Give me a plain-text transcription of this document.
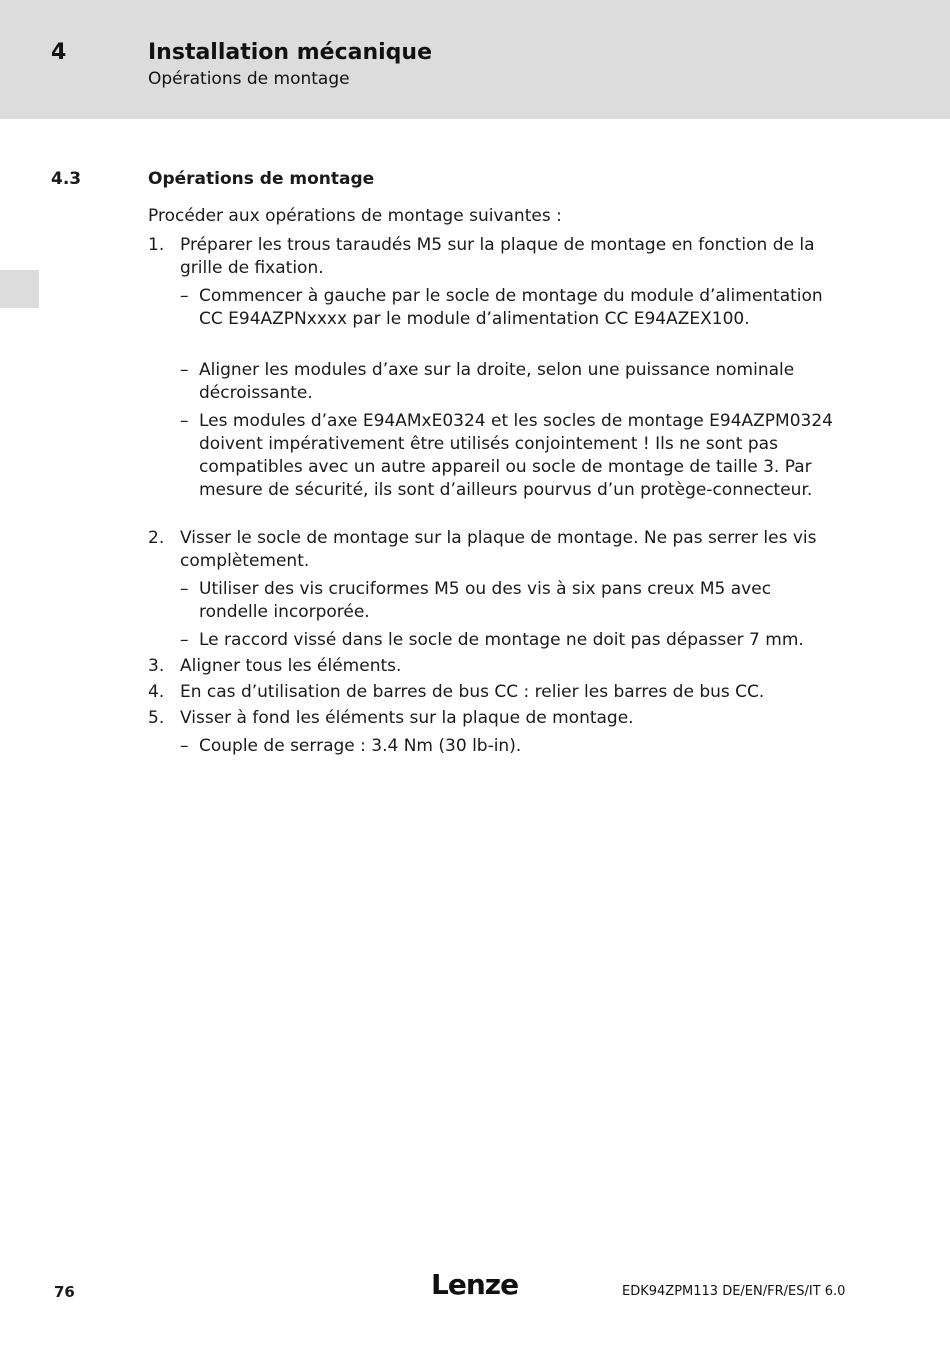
4	Installation mécanique
Opérations de montage
4.3	Opérations de montage
Procéder aux opérations de montage suivantes :
1. Préparer les trous taraudés M5 sur la plaque de montage en fonction de la grille de fixation.
– Commencer à gauche par le socle de montage du module d’alimentation CC E94AZPNxxxx par le module d’alimentation CC E94AZEX100.
– Aligner les modules d’axe sur la droite, selon une puissance nominale décroissante.
– Les modules d’axe E94AMxE0324 et les socles de montage E94AZPM0324 doivent impérativement être utilisés conjointement ! Ils ne sont pas compatibles avec un autre appareil ou socle de montage de taille 3. Par mesure de sécurité, ils sont d’ailleurs pourvus d’un protège-connecteur.
2. Visser le socle de montage sur la plaque de montage. Ne pas serrer les vis complètement.
– Utiliser des vis cruciformes M5 ou des vis à six pans creux M5 avec rondelle incorporée.
– Le raccord vissé dans le socle de montage ne doit pas dépasser 7 mm.
3. Aligner tous les éléments.
4. En cas d’utilisation de barres de bus CC : relier les barres de bus CC.
5. Visser à fond les éléments sur la plaque de montage.
– Couple de serrage : 3.4 Nm (30 lb-in).
76	Lenze	EDK94ZPM113 DE/EN/FR/ES/IT 6.0
